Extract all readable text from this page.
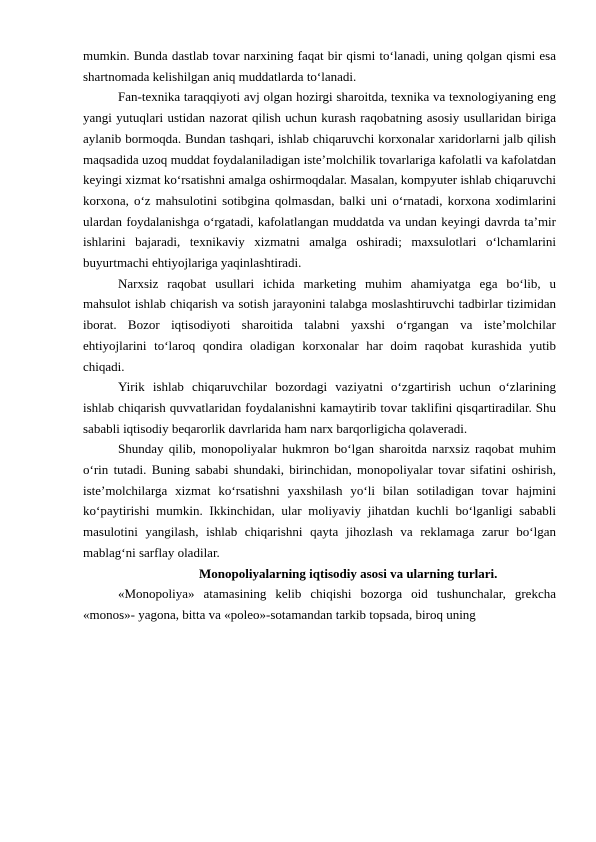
mumkin. Bunda dastlab tovar narxining faqat bir qismi to‘lanadi, uning qolgan qismi esa shartnomada kelishilgan aniq muddatlarda to‘lanadi.

Fan-texnika taraqqiyoti avj olgan hozirgi sharoitda, texnika va texnologiyaning eng yangi yutuqlari ustidan nazorat qilish uchun kurash raqobatning asosiy usullaridan biriga aylanib bormoqda. Bundan tashqari, ishlab chiqaruvchi korxonalar xaridorlarni jalb qilish maqsadida uzoq muddat foydalaniladigan iste’molchilik tovarlariga kafolatli va kafolatdan keyingi xizmat ko‘rsatishni amalga oshirmoqdalar. Masalan, kompyuter ishlab chiqaruvchi korxona, o‘z mahsulotini sotibgina qolmasdan, balki uni o‘rnatadi, korxona xodimlarini ulardan foydalanishga o‘rgatadi, kafolatlangan muddatda va undan keyingi davrda ta’mir ishlarini bajaradi, texnikaviy xizmatni amalga oshiradi; maxsulotlari o‘lchamlarini buyurtmachi ehtiyojlariga yaqinlashtiradi.

Narxsiz raqobat usullari ichida marketing muhim ahamiyatga ega bo‘lib, u mahsulot ishlab chiqarish va sotish jarayonini talabga moslashtiruvchi tadbirlar tizimidan iborat. Bozor iqtisodiyoti sharoitida talabni yaxshi o‘rgangan va iste’molchilar ehtiyojlarini to‘laroq qondira oladigan korxonalar har doim raqobat kurashida yutib chiqadi.

Yirik ishlab chiqaruvchilar bozordagi vaziyatni o‘zgartirish uchun o‘zlarining ishlab chiqarish quvvatlaridan foydalanishni kamaytirib tovar taklifini qisqartiradilar. Shu sababli iqtisodiy beqarorlik davrlarida ham narx barqorligicha qolaveradi.

Shunday qilib, monopoliyalar hukmron bo‘lgan sharoitda narxsiz raqobat muhim o‘rin tutadi. Buning sababi shundaki, birinchidan, monopoliyalar tovar sifatini oshirish, iste’molchilarga xizmat ko‘rsatishni yaxshilash yo‘li bilan sotiladigan tovar hajmini ko‘paytirishi mumkin. Ikkinchidan, ular moliyaviy jihatdan kuchli bo‘lganligi sababli masulotini yangilash, ishlab chiqarishni qayta jihozlash va reklamaga zarur bo‘lgan mablag‘ni sarflay oladilar.

Monopoliyalarning iqtisodiy asosi va ularning turlari.

«Monopoliya» atamasining kelib chiqishi bozorga oid tushunchalar, grekcha «monos»- yagona, bitta va «poleo»-sotamandan tarkib topsada, biroq uning
